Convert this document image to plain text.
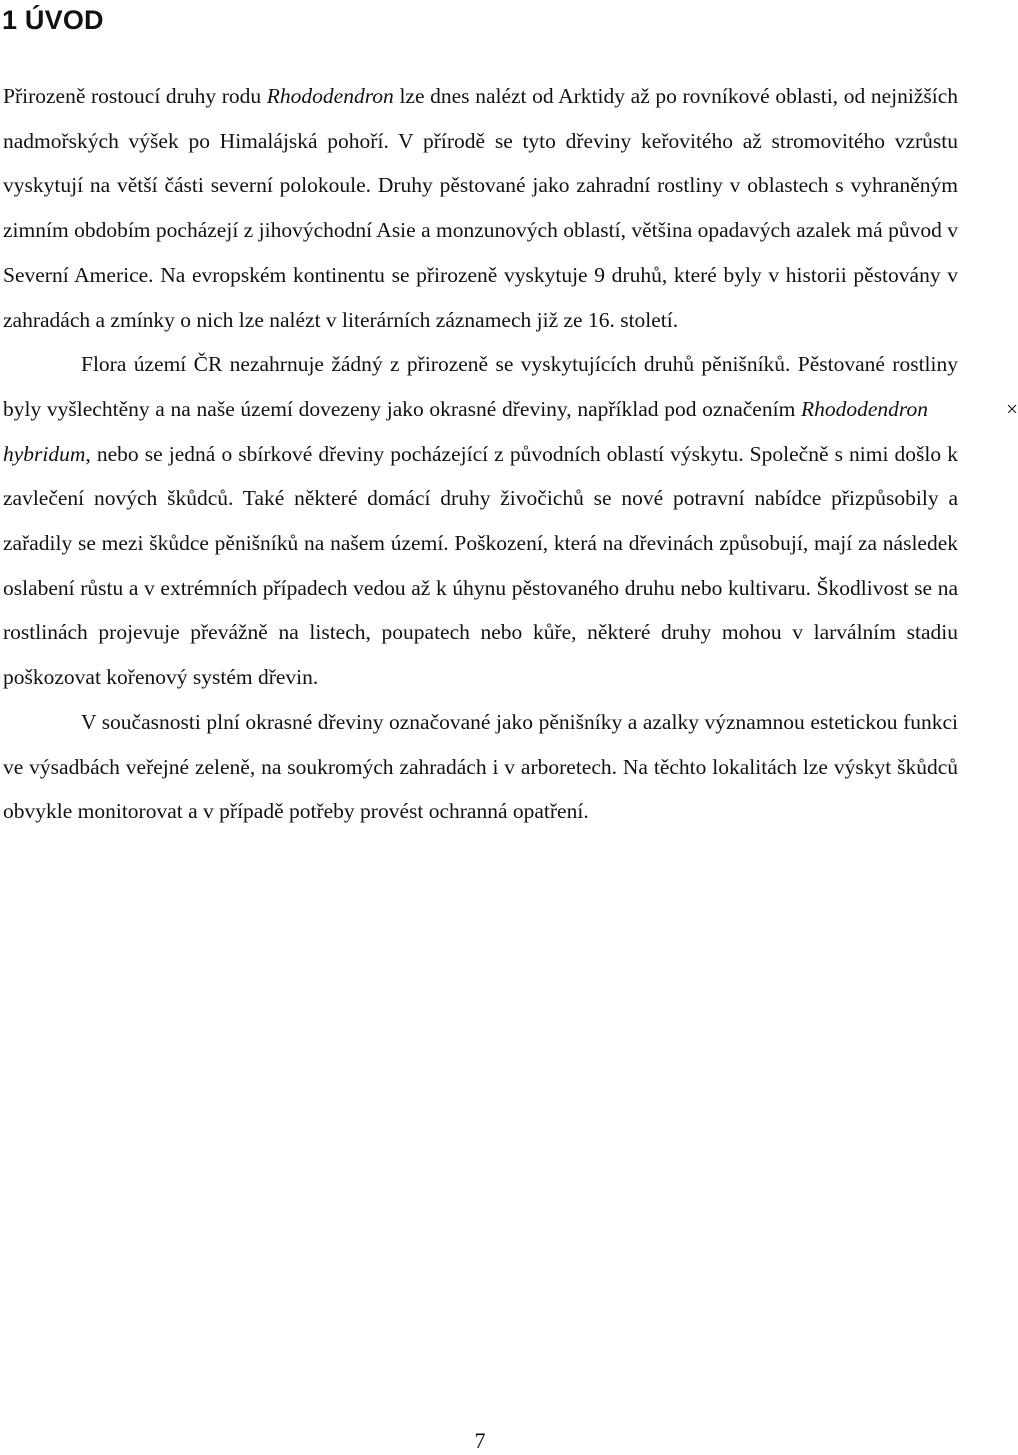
1 ÚVOD

Přirozeně rostoucí druhy rodu Rhododendron lze dnes nalézt od Arktidy až po rovníkové oblasti, od nejnižších nadmořských výšek po Himalájská pohoří. V přírodě se tyto dřeviny keřovitého až stromovitého vzrůstu vyskytují na větší části severní polokoule. Druhy pěstované jako zahradní rostliny v oblastech s vyhraněným zimním obdobím pocházejí z jihovýchodní Asie a monzunových oblastí, většina opadavých azalek má původ v Severní Americe. Na evropském kontinentu se přirozeně vyskytuje 9 druhů, které byly v historii pěstovány v zahradách a zmínky o nich lze nalézt v literárních záznamech již ze 16. století.

Flora území ČR nezahrnuje žádný z přirozeně se vyskytujících druhů pěnišníků. Pěstované rostliny byly vyšlechtěny a na naše území dovezeny jako okrasné dřeviny, například pod označením Rhododendron	×hybridum, nebo se jedná o sbírkové dřeviny pocházející z původních oblastí výskytu. Společně s nimi došlo k zavlečení nových škůdců. Také některé domácí druhy živočichů se nové potravní nabídce přizpůsobily a zařadily se mezi škůdce pěnišníků na našem území. Poškození, která na dřevinách způsobují, mají za následek oslabení růstu a v extrémních případech vedou až k úhynu pěstovaného druhu nebo kultivaru. Škodlivost se na rostlinách projevuje převážně na listech, poupatech nebo kůře, některé druhy mohou v larválním stadiu poškozovat kořenový systém dřevin.

V současnosti plní okrasné dřeviny označované jako pěnišníky a azalky významnou estetickou funkci ve výsadbách veřejné zeleně, na soukromých zahradách i v arboretech. Na těchto lokalitách lze výskyt škůdců obvykle monitorovat a v případě potřeby provést ochranná opatření.

7
